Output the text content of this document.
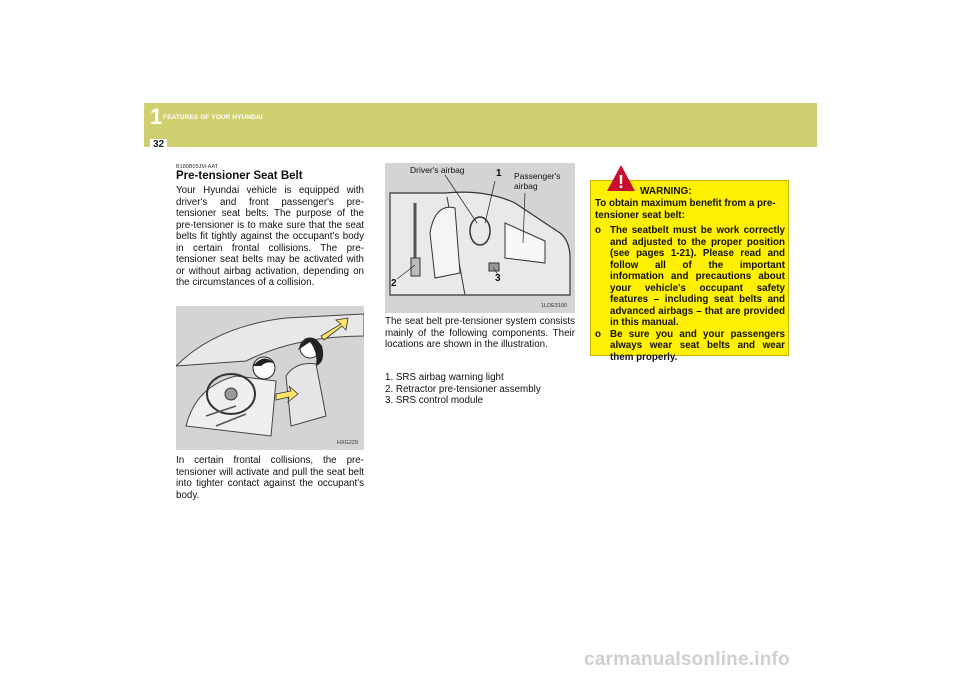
1 FEATURES OF YOUR HYUNDAI
32
B180B05JM-AAT
Pre-tensioner Seat Belt
Your Hyundai vehicle is equipped with driver's and front passenger's pre-tensioner seat belts. The purpose of the pre-tensioner is to make sure that the seat belts fit tightly against the occupant's body in certain frontal collisions. The pre-tensioner seat belts may be activated with or without airbag activation, depending on the circumstances of a collision.
HXG229
In certain frontal collisions, the pre-tensioner will activate and pull the seat belt into tighter contact against the occupant's body.
Driver's airbag	1 Passenger's
airbag
2	3
1LDE3100
The seat belt pre-tensioner system consists mainly of the following components. Their locations are shown in the illustration.
1. SRS airbag warning light
2. Retractor pre-tensioner assembly
3. SRS control module
! WARNING:
To obtain maximum benefit from a pre-tensioner seat belt:
o The seatbelt must be work correctly and adjusted to the proper position (see pages 1-21). Please read and follow all of the important information and precautions about your vehicle's occupant safety features – including seat belts and advanced airbags – that are provided in this manual.
o Be sure you and your passengers always wear seat belts and wear them properly.
carmanualsonline.info
